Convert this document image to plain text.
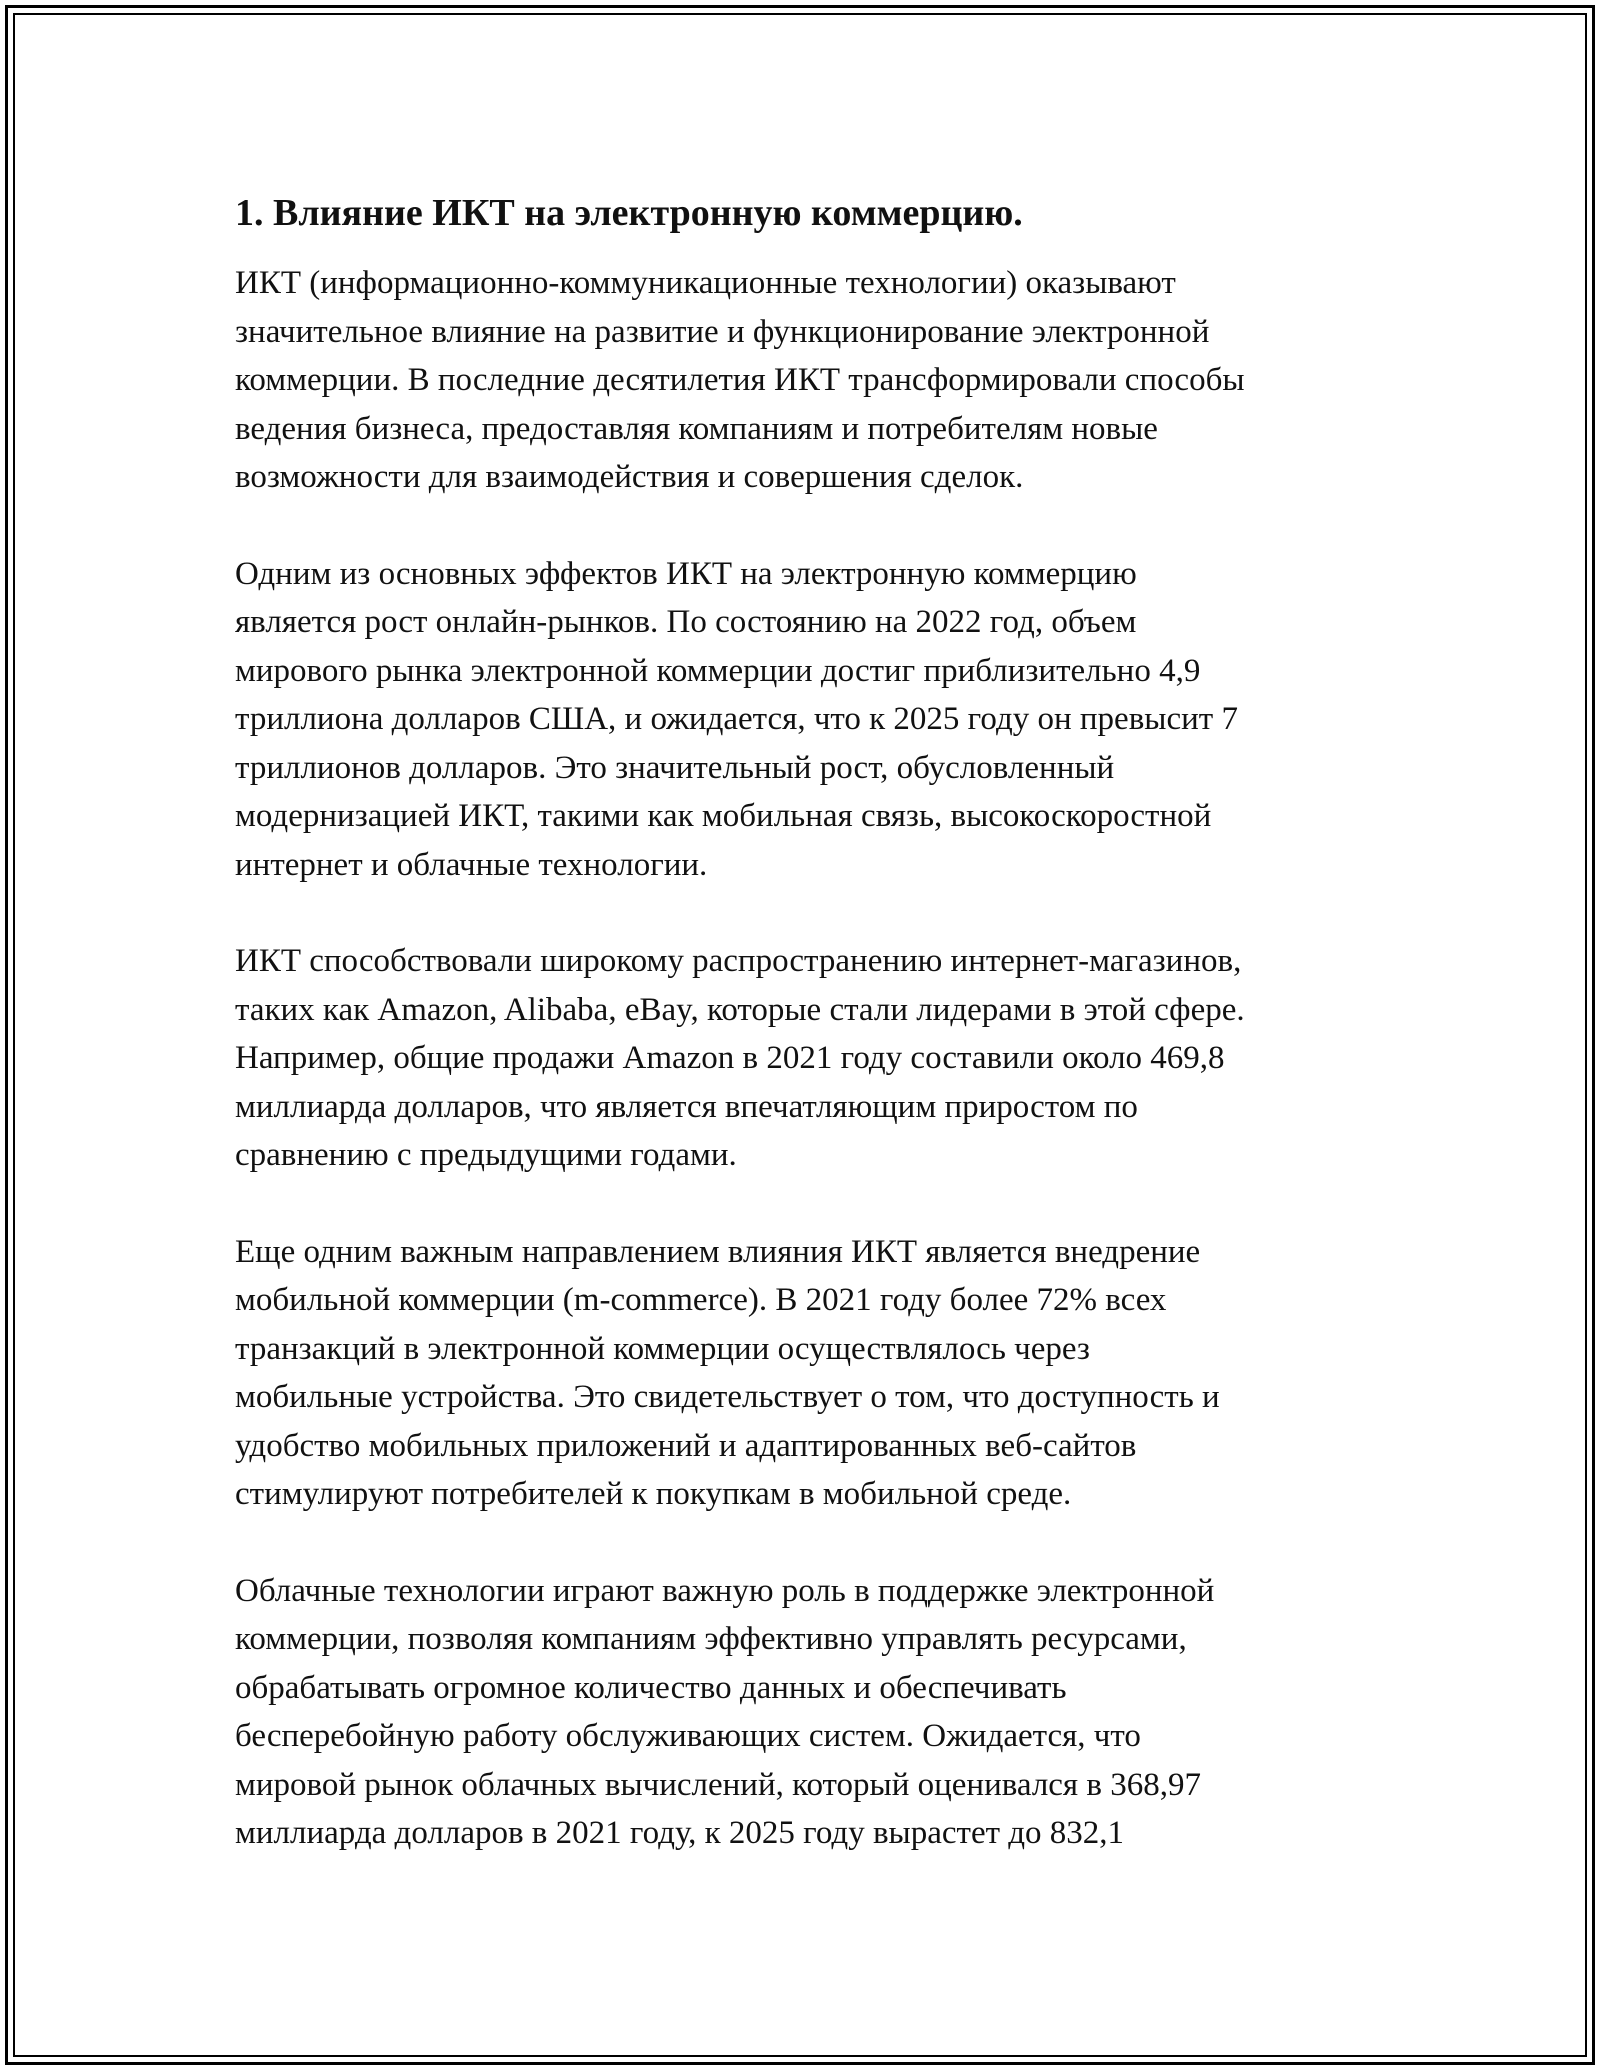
1. Влияние ИКТ на электронную коммерцию.

ИКТ (информационно-коммуникационные технологии) оказывают
значительное влияние на развитие и функционирование электронной
коммерции. В последние десятилетия ИКТ трансформировали способы
ведения бизнеса, предоставляя компаниям и потребителям новые
возможности для взаимодействия и совершения сделок.

Одним из основных эффектов ИКТ на электронную коммерцию
является рост онлайн-рынков. По состоянию на 2022 год, объем
мирового рынка электронной коммерции достиг приблизительно 4,9
триллиона долларов США, и ожидается, что к 2025 году он превысит 7
триллионов долларов. Это значительный рост, обусловленный
модернизацией ИКТ, такими как мобильная связь, высокоскоростной
интернет и облачные технологии.

ИКТ способствовали широкому распространению интернет-магазинов,
таких как Amazon, Alibaba, eBay, которые стали лидерами в этой сфере.
Например, общие продажи Amazon в 2021 году составили около 469,8
миллиарда долларов, что является впечатляющим приростом по
сравнению с предыдущими годами.

Еще одним важным направлением влияния ИКТ является внедрение
мобильной коммерции (m-commerce). В 2021 году более 72% всех
транзакций в электронной коммерции осуществлялось через
мобильные устройства. Это свидетельствует о том, что доступность и
удобство мобильных приложений и адаптированных веб-сайтов
стимулируют потребителей к покупкам в мобильной среде.

Облачные технологии играют важную роль в поддержке электронной
коммерции, позволяя компаниям эффективно управлять ресурсами,
обрабатывать огромное количество данных и обеспечивать
бесперебойную работу обслуживающих систем. Ожидается, что
мировой рынок облачных вычислений, который оценивался в 368,97
миллиарда долларов в 2021 году, к 2025 году вырастет до 832,1
